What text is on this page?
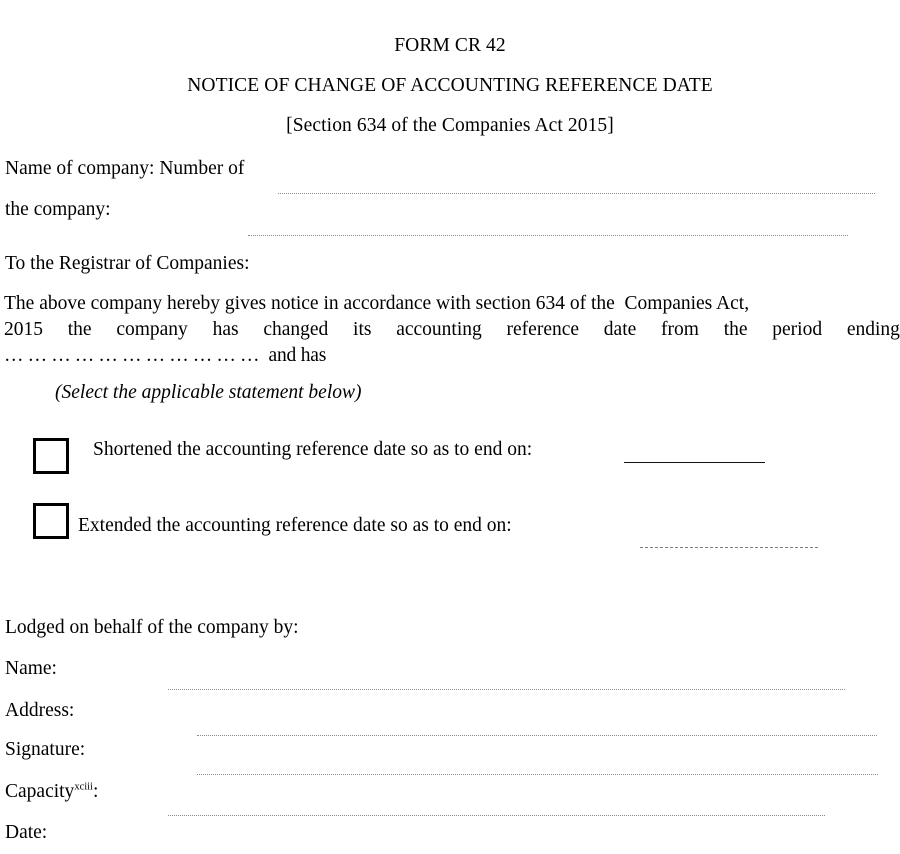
FORM CR 42
NOTICE OF CHANGE OF ACCOUNTING REFERENCE DATE
[Section 634 of the Companies Act 2015]
Name of company: Number of
the company:
To the Registrar of Companies:
The above company hereby gives notice in accordance with section 634 of the Companies Act,
2015 the company has changed its accounting reference date from the period ending
…………………………… and has
(Select the applicable statement below)
Shortened the accounting reference date so as to end on:
Extended the accounting reference date so as to end on:
Lodged on behalf of the company by:
Name:
Address:
Signature:
Capacity$^{xciii}$:
Date:
